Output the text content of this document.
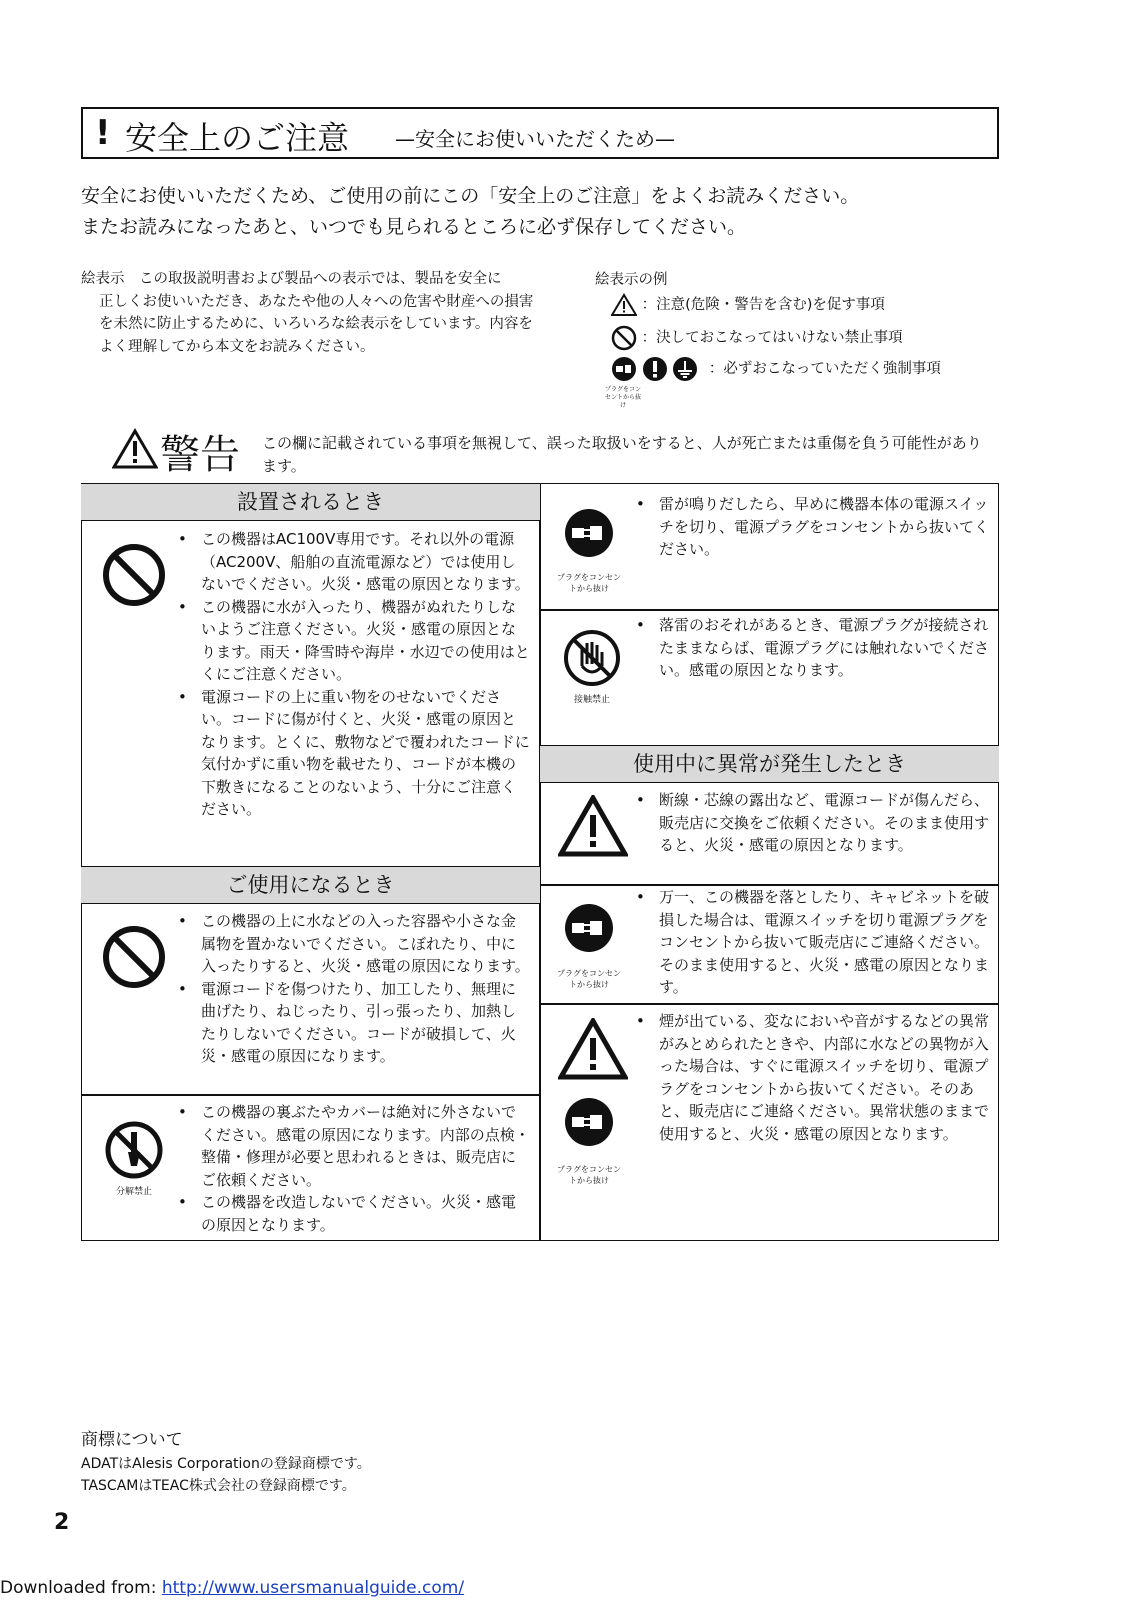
! 安全上のご注意 —安全にお使いいただくため—
安全にお使いいただくため、ご使用の前にこの「安全上のご注意」をよくお読みください。
またお読みになったあと、いつでも見られるところに必ず保存してください。
絵表示　この取扱説明書および製品への表示では、製品を安全に
正しくお使いいただき、あなたや他の人々への危害や財産への損害を未然に防止するために、いろいろな絵表示をしています。内容をよく理解してから本文をお読みください。
絵表示の例
：注意(危険・警告を含む)を促す事項
：決しておこなってはいけない禁止事項
：必ずおこなっていただく強制事項
プラグをコンセントから抜け
警告 この欄に記載されている事項を無視して、誤った取扱いをすると、人が死亡または重傷を負う可能性があります。
設置されるとき
• この機器はAC100V専用です。それ以外の電源（AC200V、船舶の直流電源など）では使用しないでください。火災・感電の原因となります。
• この機器に水が入ったり、機器がぬれたりしないようご注意ください。火災・感電の原因となります。雨天・降雪時や海岸・水辺での使用はとくにご注意ください。
• 電源コードの上に重い物をのせないでください。コードに傷が付くと、火災・感電の原因となります。とくに、敷物などで覆われたコードに気付かずに重い物を載せたり、コードが本機の下敷きになることのないよう、十分にご注意ください。
ご使用になるとき
• この機器の上に水などの入った容器や小さな金属物を置かないでください。こぼれたり、中に入ったりすると、火災・感電の原因になります。
• 電源コードを傷つけたり、加工したり、無理に曲げたり、ねじったり、引っ張ったり、加熱したりしないでください。コードが破損して、火災・感電の原因になります。
分解禁止
• この機器の裏ぶたやカバーは絶対に外さないでください。感電の原因になります。内部の点検・整備・修理が必要と思われるときは、販売店にご依頼ください。
• この機器を改造しないでください。火災・感電の原因となります。
プラグをコンセントから抜け
• 雷が鳴りだしたら、早めに機器本体の電源スイッチを切り、電源プラグをコンセントから抜いてください。
接触禁止
• 落雷のおそれがあるとき、電源プラグが接続されたままならば、電源プラグには触れないでください。感電の原因となります。
使用中に異常が発生したとき
• 断線・芯線の露出など、電源コードが傷んだら、販売店に交換をご依頼ください。そのまま使用すると、火災・感電の原因となります。
プラグをコンセントから抜け
• 万一、この機器を落としたり、キャビネットを破損した場合は、電源スイッチを切り電源プラグをコンセントから抜いて販売店にご連絡ください。そのまま使用すると、火災・感電の原因となります。
プラグをコンセントから抜け
• 煙が出ている、変なにおいや音がするなどの異常がみとめられたときや、内部に水などの異物が入った場合は、すぐに電源スイッチを切り、電源プラグをコンセントから抜いてください。そのあと、販売店にご連絡ください。異常状態のままで使用すると、火災・感電の原因となります。
商標について
ADATはAlesis Corporationの登録商標です。
TASCAMはTEAC株式会社の登録商標です。
2
Downloaded from: http://www.usersmanualguide.com/
